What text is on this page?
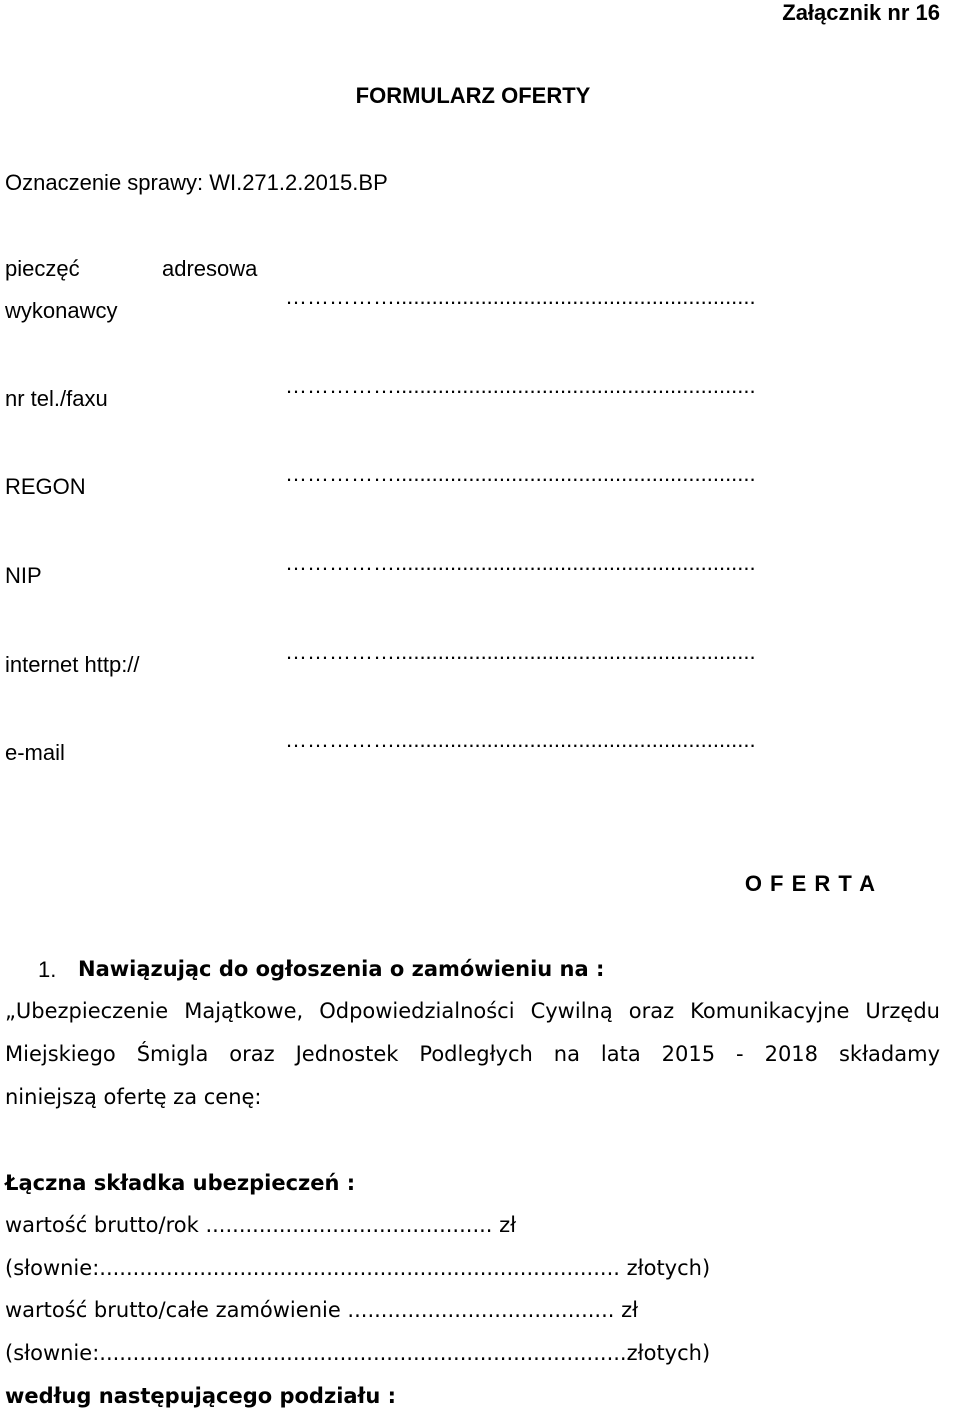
Załącznik nr 16
FORMULARZ OFERTY
Oznaczenie sprawy: WI.271.2.2015.BP
pieczęć	adresowa
wykonawcy
……………...........................................................
nr tel./faxu
……………...........................................................
REGON
……………...........................................................
NIP
……………...........................................................
internet http://
……………...........................................................
e-mail
……………...........................................................
O F E R T A
1. Nawiązując do ogłoszenia o zamówieniu na :
„Ubezpieczenie Majątkowe, Odpowiedzialności Cywilną oraz Komunikacyjne Urzędu
Miejskiego Śmigla oraz Jednostek Podległych na lata 2015 - 2018 składamy
niniejszą ofertę za cenę:
Łączna składka ubezpieczeń :
wartość brutto/rok ........................................... zł
(słownie:.............................................................................. złotych)
wartość brutto/całe zamówienie ........................................ zł
(słownie:...............................................................................złotych)
według następującego podziału :
